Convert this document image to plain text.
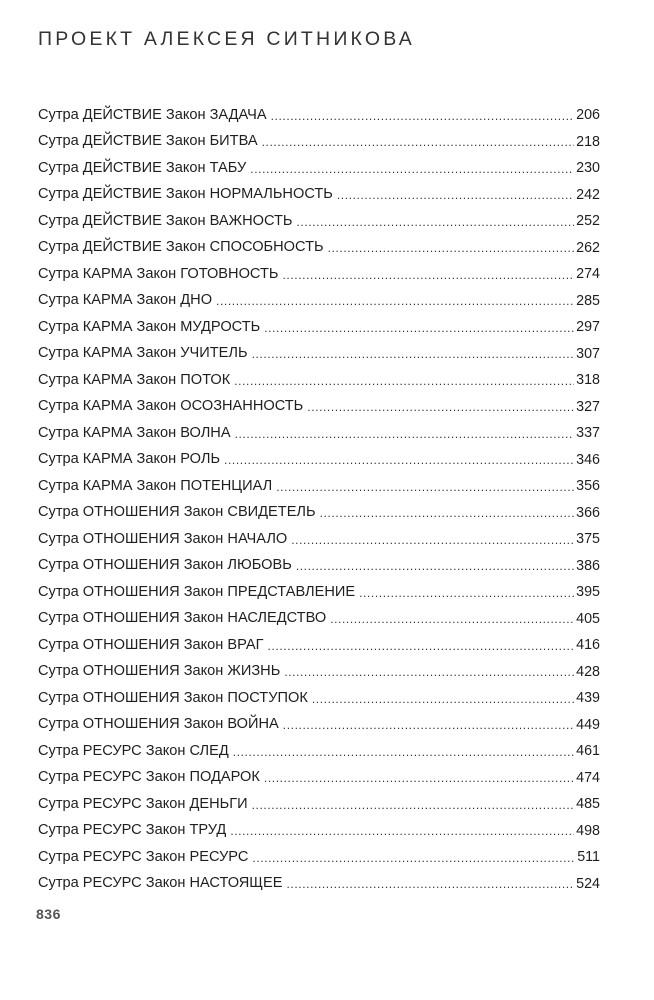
ПРОЕКТ АЛЕКСЕЯ СИТНИКОВА
Сутра ДЕЙСТВИЕ Закон ЗАДАЧА .....	206
Сутра ДЕЙСТВИЕ Закон БИТВА .....	218
Сутра ДЕЙСТВИЕ Закон ТАБУ .....	230
Сутра ДЕЙСТВИЕ Закон НОРМАЛЬНОСТЬ .....	242
Сутра ДЕЙСТВИЕ Закон ВАЖНОСТЬ .....	252
Сутра ДЕЙСТВИЕ Закон СПОСОБНОСТЬ .....	262
Сутра КАРМА Закон ГОТОВНОСТЬ .....	274
Сутра КАРМА Закон ДНО .....	285
Сутра КАРМА Закон МУДРОСТЬ .....	297
Сутра КАРМА Закон УЧИТЕЛЬ .....	307
Сутра КАРМА Закон ПОТОК .....	318
Сутра КАРМА Закон ОСОЗНАННОСТЬ .....	327
Сутра КАРМА Закон ВОЛНА .....	337
Сутра КАРМА Закон РОЛЬ .....	346
Сутра КАРМА Закон ПОТЕНЦИАЛ .....	356
Сутра ОТНОШЕНИЯ Закон СВИДЕТЕЛЬ .....	366
Сутра ОТНОШЕНИЯ Закон НАЧАЛО .....	375
Сутра ОТНОШЕНИЯ Закон ЛЮБОВЬ .....	386
Сутра ОТНОШЕНИЯ Закон ПРЕДСТАВЛЕНИЕ .....	395
Сутра ОТНОШЕНИЯ Закон НАСЛЕДСТВО .....	405
Сутра ОТНОШЕНИЯ Закон ВРАГ .....	416
Сутра ОТНОШЕНИЯ Закон ЖИЗНЬ .....	428
Сутра ОТНОШЕНИЯ Закон ПОСТУПОК .....	439
Сутра ОТНОШЕНИЯ Закон ВОЙНА .....	449
Сутра РЕСУРС Закон СЛЕД .....	461
Сутра РЕСУРС Закон ПОДАРОК .....	474
Сутра РЕСУРС Закон ДЕНЬГИ .....	485
Сутра РЕСУРС Закон ТРУД .....	498
Сутра РЕСУРС Закон РЕСУРС .....	511
Сутра РЕСУРС Закон НАСТОЯЩЕЕ .....	524
836
